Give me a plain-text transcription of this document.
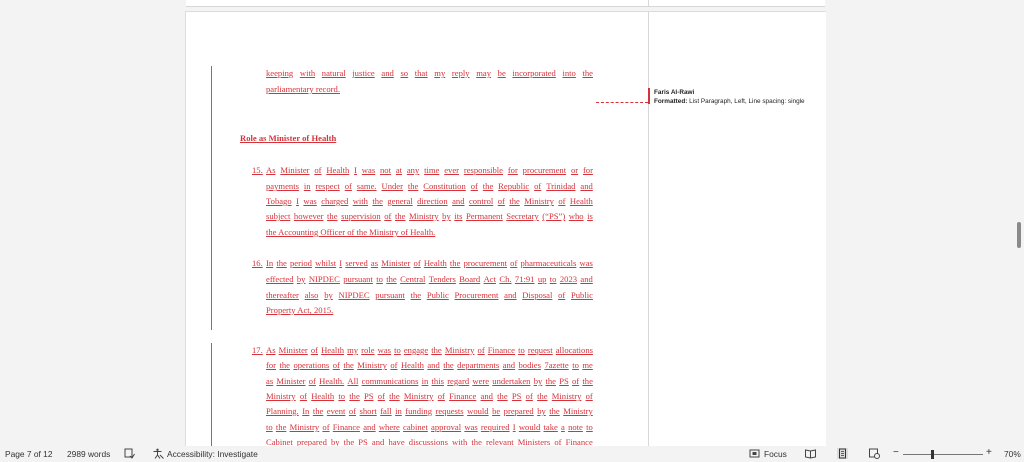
keeping with natural justice and so that my reply may be incorporated into the
parliamentary record.
Role as Minister of Health
15. As Minister of Health I was not at any time ever responsible for procurement or for
payments in respect of same. Under the Constitution of the Republic of Trinidad and
Tobago I was charged with the general direction and control of the Ministry of Health
subject however the supervision of the Ministry by its Permanent Secretary (“PS”) who is
the Accounting Officer of the Ministry of Health.
16. In the period whilst I served as Minister of Health the procurement of pharmaceuticals was
effected by NIPDEC pursuant to the Central Tenders Board Act Ch. 71:91 up to 2023 and
thereafter also by NIPDEC pursuant the Public Procurement and Disposal of Public
Property Act, 2015.
17. As Minister of Health my role was to engage the Ministry of Finance to request allocations
for the operations of the Ministry of Health and the departments and bodies 7azette to me
as Minister of Health. All communications in this regard were undertaken by the PS of the
Ministry of Health to the PS of the Ministry of Finance and the PS of the Ministry of
Planning. In the event of short fall in funding requests would be prepared by the Ministry
to the Ministry of Finance and where cabinet approval was required I would take a note to
Cabinet prepared by the PS and have discussions with the relevant Ministers of Finance
Faris Al-Rawi
Formatted: List Paragraph, Left, Line spacing: single
Page 7 of 12 2989 words	Accessibility: Investigate	Focus	−	+ 70%
